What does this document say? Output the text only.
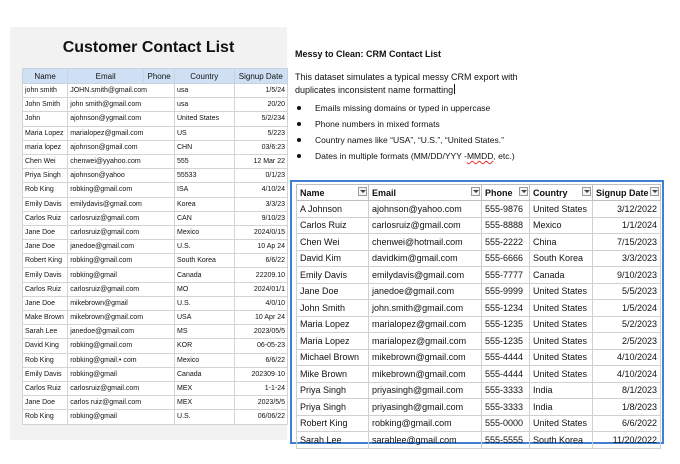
Customer Contact List
Name	Email	Phone	Country	Signup Date
john smith	JOHN.smith@gmail.com		usa	1/5/24
John Smith	john smith@gmail.com		usa	20/20
John	ajohnson@ygmail.com		United States	5/2/234
Maria Lopez	marialopez@gmail.com		US	5/223
maria lopez	ajohnson@gmail.com		CHN	03/6:23
Chen Wei	chenwei@yyahoo.com		555	12 Mar 22
Priya Singh	ajohnson@yahoo		55533	0/1/23
Rob King	robking@gmail.com		ISA	4/10/24
Emily Davis	emilydavis@gmail.com		Korea	3/3/23
Carlos Ruiz	carlosruiz@gmail.com		CAN	9/10/23
Jane Doe	carlosruiz@gmail.com		Mexico	2024/0/15
Jane Doe	janedoe@gmail.com		U.S.	10 Ap 24
Robert King	robking@gmail.com		South Korea	6/6/22
Emily Davis	robking@gmail		Canada	22209.10
Carlos Ruiz	carlosruiz@gmail.com		MO	2024/01/1
Jane Doe	mikebrown@gmail		U.S.	4/0/10
Make Brown	mikebrown@gmail.com		USA	10 Apr 24
Sarah Lee	janedoe@gmail.com		MS	2023/05/5
David King	robking@gmail.com		KOR	06-05-23
Rob King	robking@gmail.• com		Mexico	6/6/22
Emily Davis	robking@gmail		Canada	202309·10
Carlos Ruiz	carlosruiz@gmail.com		MEX	1-1-24
Jane Doe	carlos ruiz@gmail.com		MEX	2023/5/5
Rob King	robking@gmail		U.S.	06/06/22
Messy to Clean: CRM Contact List
This dataset simulates a typical messy CRM export with duplicates inconsistent name formatting
Emails missing domains or typed in uppercase
Phone numbers in mixed formats
Country names like “USA”, “U.S.”, “United States.”
Dates in multiple formats (MM/DD/YYY -MMDD, etc.)
Name	Email	Phone	Country	Signup Date

A Johnson	ajohnson@yahoo.com	555-9876	United States	3/12/2022
Carlos Ruiz	carlosruiz@gmail.com	555-8888	Mexico	1/1/2024
Chen Wei	chenwei@hotmail.com	555-2222	China	7/15/2023
David Kim	davidkim@gmail.com	555-6666	South Korea	3/3/2023
Emily Davis	emilydavis@gmail.com	555-7777	Canada	9/10/2023
Jane Doe	janedoe@gmail.com	555-9999	United States	5/5/2023
John Smith	john.smith@gmail.com	555-1234	United States	1/5/2024
Maria Lopez	marialopez@gmail.com	555-1235	United States	5/2/2023
Maria Lopez	marialopez@gmail.com	555-1235	United States	2/5/2023
Michael Brown	mikebrown@gmail.com	555-4444	United States	4/10/2024
Mike Brown	mikebrown@gmail.com	555-4444	United States	4/10/2024
Priya Singh	priyasingh@gmail.com	555-3333	India	8/1/2023
Priya Singh	priyasingh@gmail.com	555-3333	India	1/8/2023
Robert King	robking@gmail.com	555-0000	United States	6/6/2022
Sarah Lee	sarahlee@gmail.com	555-5555	South Korea	11/20/2022
